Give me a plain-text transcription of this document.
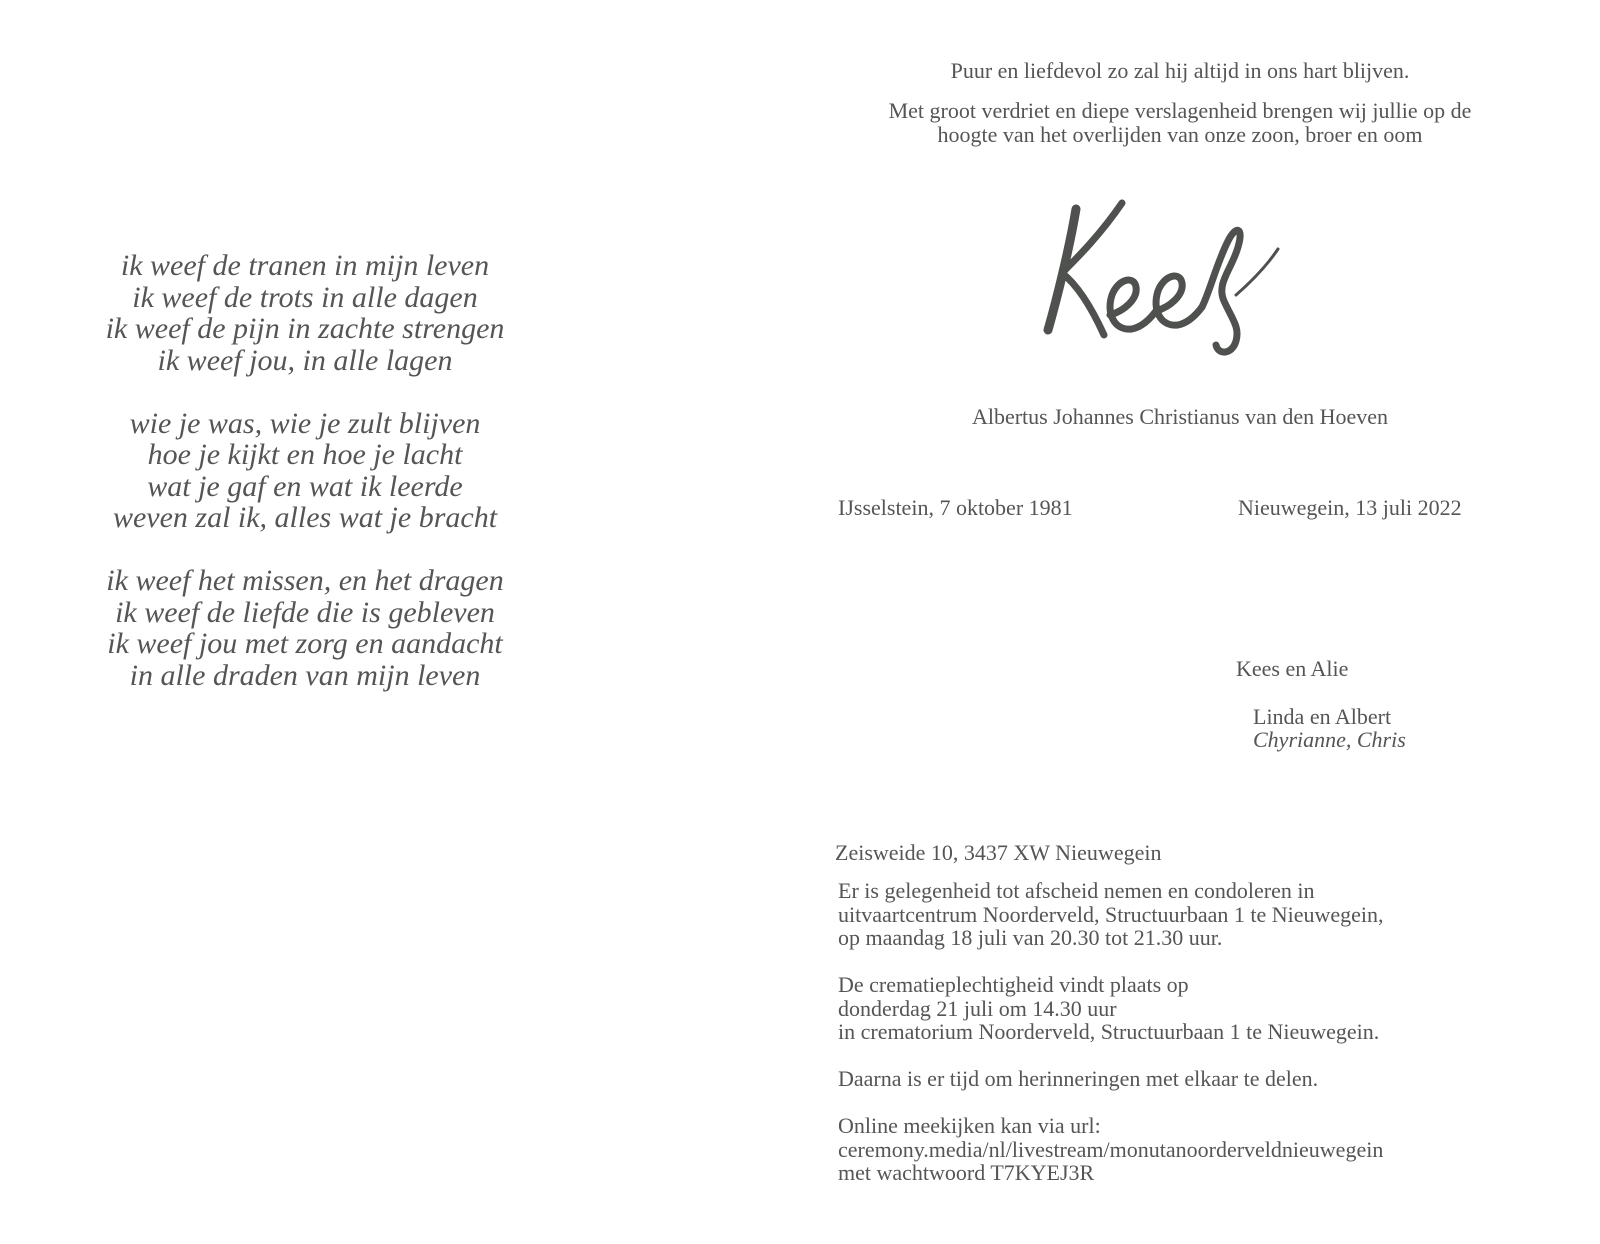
ik weef de tranen in mijn leven
ik weef de trots in alle dagen
ik weef de pijn in zachte strengen
ik weef jou, in alle lagen
wie je was, wie je zult blijven
hoe je kijkt en hoe je lacht
wat je gaf en wat ik leerde
weven zal ik, alles wat je bracht
ik weef het missen, en het dragen
ik weef de liefde die is gebleven
ik weef jou met zorg en aandacht
in alle draden van mijn leven
Puur en liefdevol zo zal hij altijd in ons hart blijven.
Met groot verdriet en diepe verslagenheid brengen wij jullie op de
hoogte van het overlijden van onze zoon, broer en oom
Albertus Johannes Christianus van den Hoeven
IJsselstein, 7 oktober 1981	Nieuwegein, 13 juli 2022
Kees en Alie
Linda en Albert
Chyrianne, Chris
Zeisweide 10, 3437 XW Nieuwegein
Er is gelegenheid tot afscheid nemen en condoleren in
uitvaartcentrum Noorderveld, Structuurbaan 1 te Nieuwegein,
op maandag 18 juli van 20.30 tot 21.30 uur.
De crematieplechtigheid vindt plaats op
donderdag 21 juli om 14.30 uur
in crematorium Noorderveld, Structuurbaan 1 te Nieuwegein.
Daarna is er tijd om herinneringen met elkaar te delen.
Online meekijken kan via url:
ceremony.media/nl/livestream/monutanoorderveldnieuwegein
met wachtwoord T7KYEJ3R
